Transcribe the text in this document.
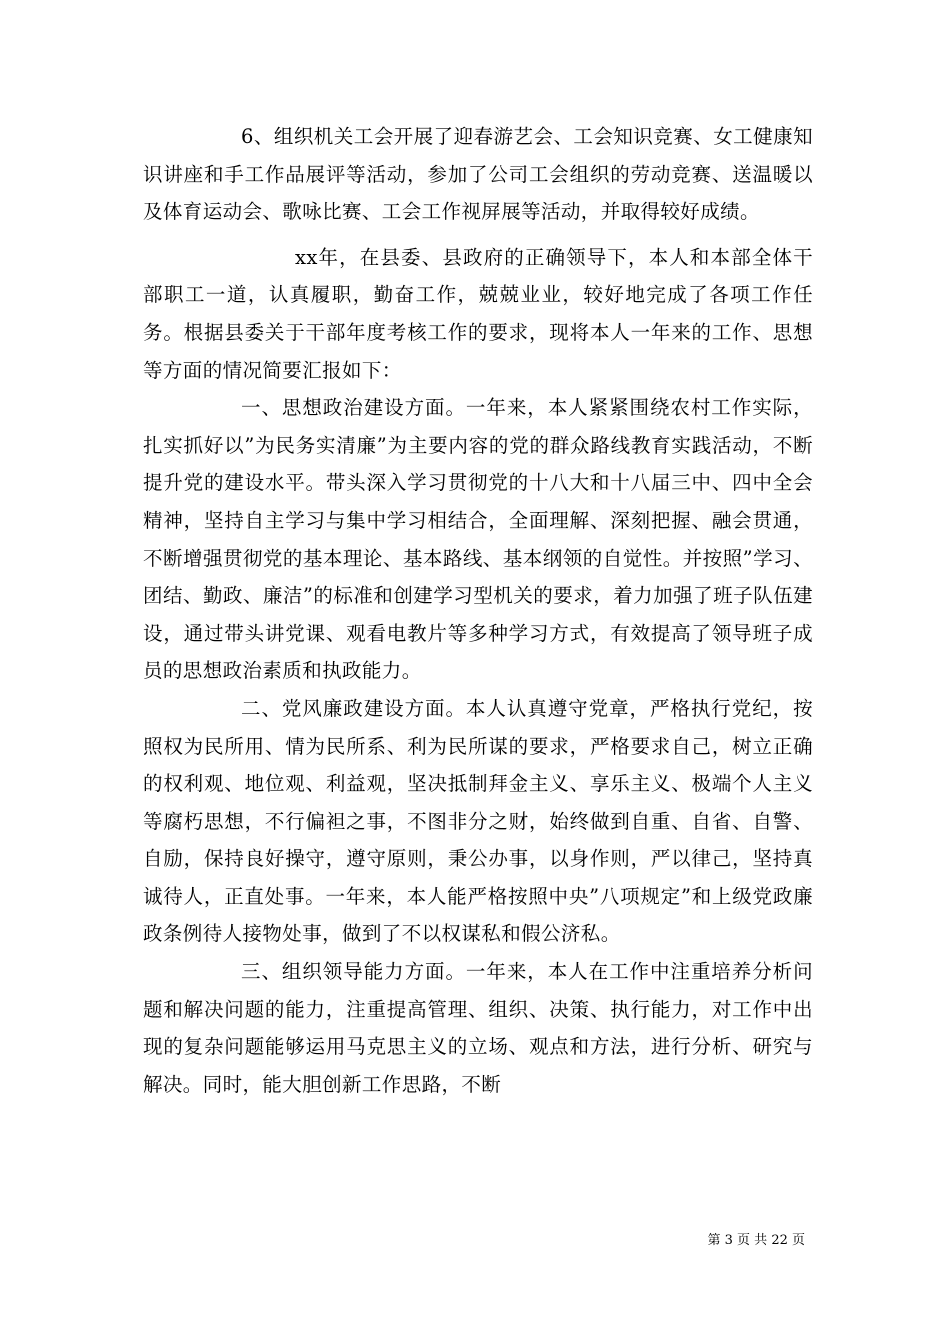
6、组织机关工会开展了迎春游艺会、工会知识竞赛、女工健康知识讲座和手工作品展评等活动，参加了公司工会组织的劳动竞赛、送温暖以及体育运动会、歌咏比赛、工会工作视屏展等活动，并取得较好成绩。

xx年，在县委、县政府的正确领导下，本人和本部全体干部职工一道，认真履职，勤奋工作，兢兢业业，较好地完成了各项工作任务。根据县委关于干部年度考核工作的要求，现将本人一年来的工作、思想等方面的情况简要汇报如下：

一、思想政治建设方面。一年来，本人紧紧围绕农村工作实际，扎实抓好以”为民务实清廉”为主要内容的党的群众路线教育实践活动，不断提升党的建设水平。带头深入学习贯彻党的十八大和十八届三中、四中全会精神，坚持自主学习与集中学习相结合，全面理解、深刻把握、融会贯通，不断增强贯彻党的基本理论、基本路线、基本纲领的自觉性。并按照”学习、团结、勤政、廉洁”的标准和创建学习型机关的要求，着力加强了班子队伍建设，通过带头讲党课、观看电教片等多种学习方式，有效提高了领导班子成员的思想政治素质和执政能力。

二、党风廉政建设方面。本人认真遵守党章，严格执行党纪，按照权为民所用、情为民所系、利为民所谋的要求，严格要求自己，树立正确的权利观、地位观、利益观，坚决抵制拜金主义、享乐主义、极端个人主义等腐朽思想，不行偏袒之事，不图非分之财，始终做到自重、自省、自警、自励，保持良好操守，遵守原则，秉公办事，以身作则，严以律己，坚持真诚待人，正直处事。一年来，本人能严格按照中央”八项规定”和上级党政廉政条例待人接物处事，做到了不以权谋私和假公济私。

三、组织领导能力方面。一年来，本人在工作中注重培养分析问题和解决问题的能力，注重提高管理、组织、决策、执行能力，对工作中出现的复杂问题能够运用马克思主义的立场、观点和方法，进行分析、研究与解决。同时，能大胆创新工作思路，不断

第 3 页 共 22 页
